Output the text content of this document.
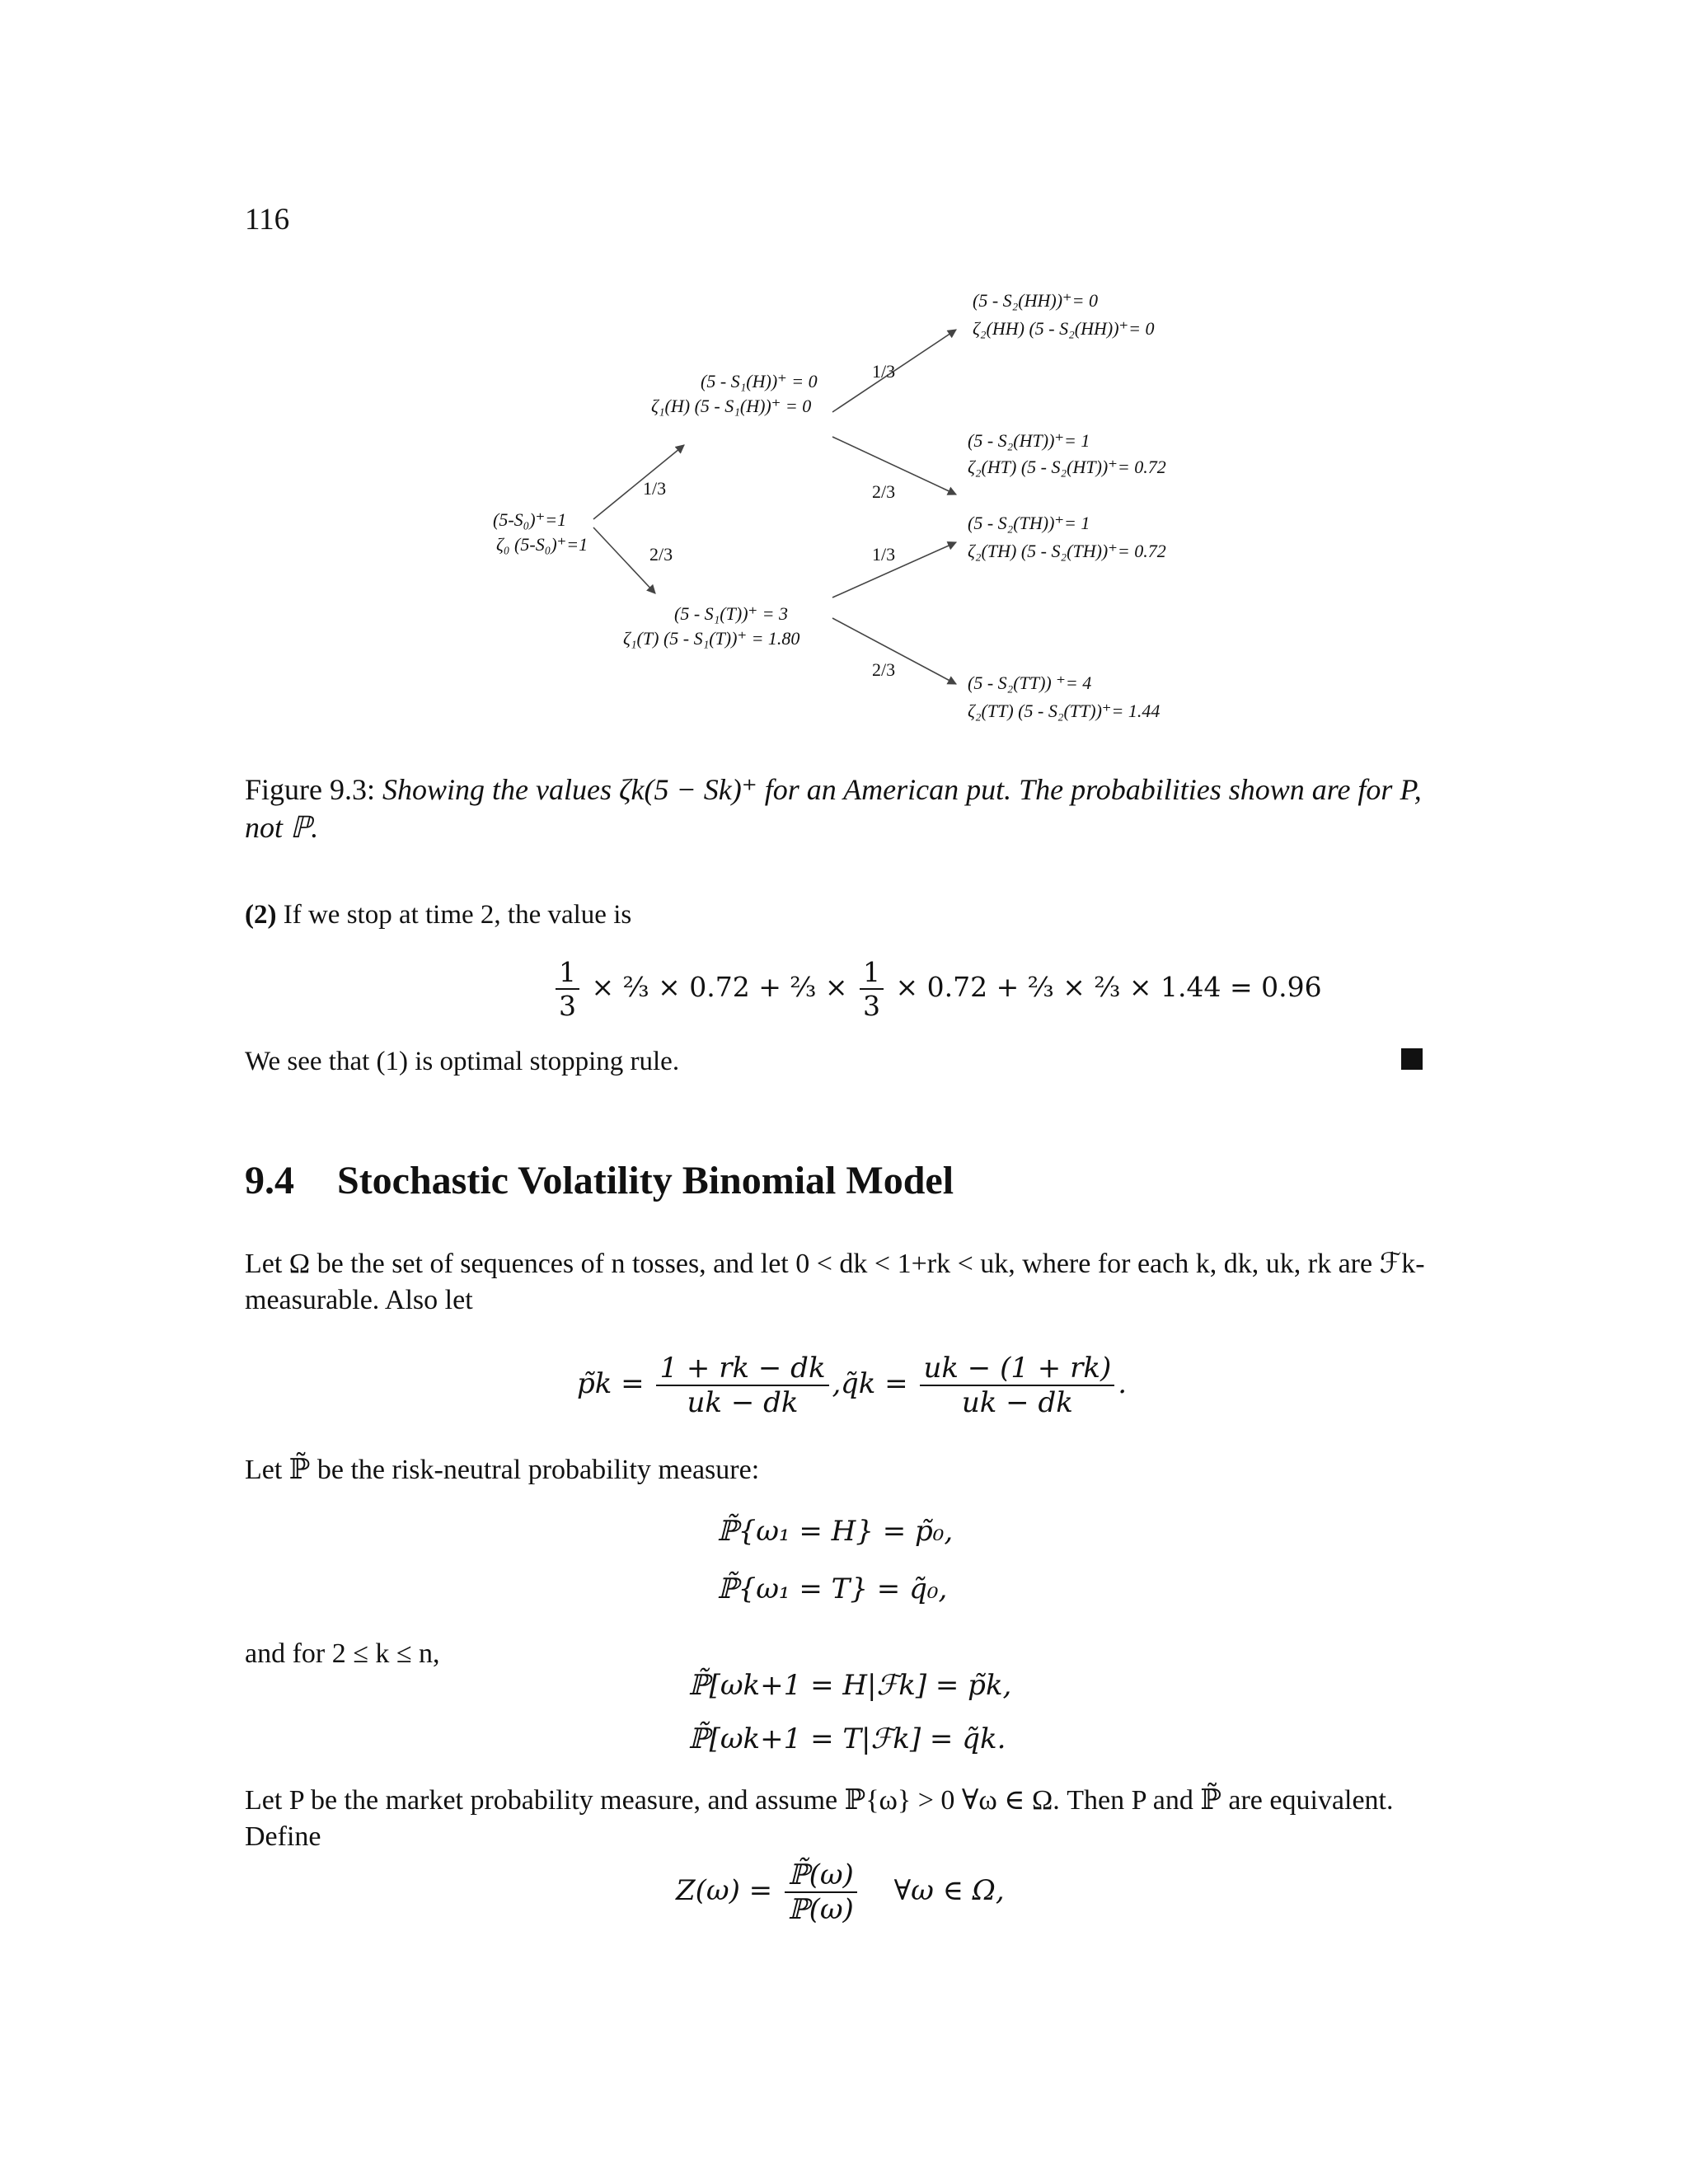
116
(5-S₀)⁺=1
ζ₀ (5-S₀)⁺=1
(5 - S₁(H))⁺ = 0
ζ₁(H) (5 - S₁(H))⁺ = 0
(5 - S₁(T))⁺ = 3
ζ₁(T) (5 - S₁(T))⁺ = 1.80
(5 - S₂(HH))⁺= 0
ζ₂(HH) (5 - S₂(HH))⁺= 0
(5 - S₂(HT))⁺= 1
ζ₂(HT) (5 - S₂(HT))⁺= 0.72
(5 - S₂(TH))⁺= 1
ζ₂(TH) (5 - S₂(TH))⁺= 0.72
(5 - S₂(TT)) ⁺= 4
ζ₂(TT) (5 - S₂(TT))⁺= 1.44
1/3
2/3
1/3
2/3
1/3
2/3
Figure 9.3: Showing the values ζk(5 − Sk)⁺ for an American put. The probabilities shown are for P, not ℙ.
(2) If we stop at time 2, the value is
$\frac{1}{3}$ × ⅔ × 0.72 + ⅔ × $\frac{1}{3} \times 0.72$ + ⅔ × ⅔ × 1.44 = 0.96
We see that (1) is optimal stopping rule.
9.4 Stochastic Volatility Binomial Model
Let Ω be the set of sequences of n tosses, and let 0 < dk < 1+rk < uk, where for each k, dk, uk, rk are ℱk-measurable. Also let
p̃k = $\frac{1 + rk - dk}{uk - dk}$ , q̃k = $\frac{uk - (1 + rk)}{uk - dk}$ .
Let ℙ̃ be the risk-neutral probability measure:
ℙ̃{ω₁ = H} = p̃₀,
ℙ̃{ω₁ = T} = q̃₀,
and for 2 ≤ k ≤ n,
ℙ̃[ωk+1 = H|ℱk] = p̃k,
ℙ̃[ωk+1 = T|ℱk] = q̃k.
Let P be the market probability measure, and assume ℙ{ω} > 0 ∀ω ∈ Ω. Then P and ℙ̃ are equivalent. Define
$Z(\omega) = \frac{\text{ℙ̃(ω)}}{\text{ℙ(ω)}}$ ∀ω ∈ Ω,
